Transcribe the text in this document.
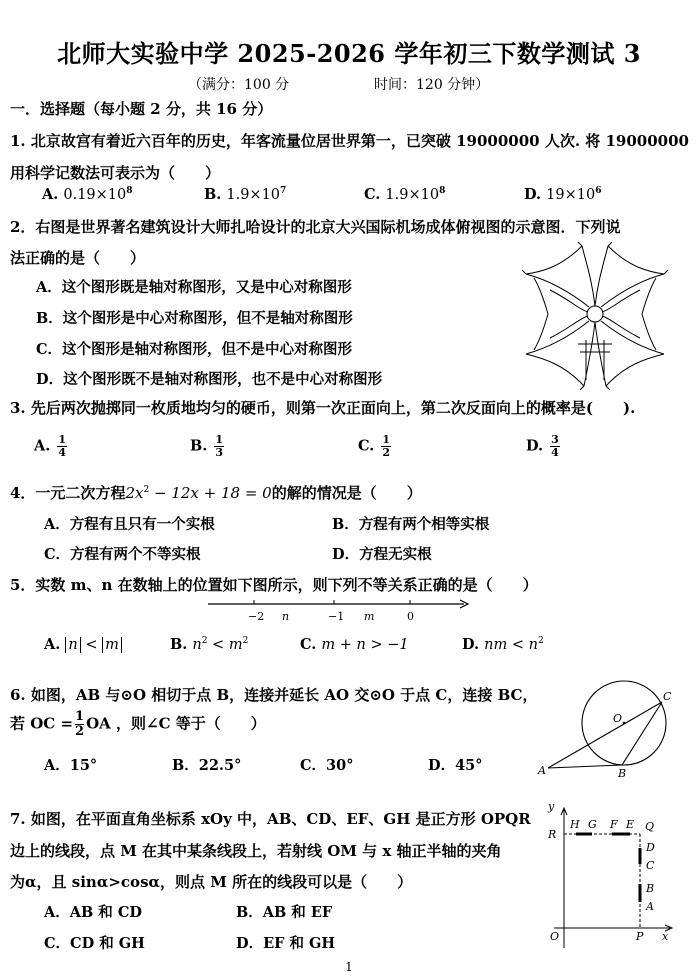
北师大实验中学 2025-2026 学年初三下数学测试 3
（满分：100 分	时间：120 分钟）
一．选择题（每小题 2 分，共 16 分）
1. 北京故宫有着近六百年的历史，年客流量位居世界第一，已突破 19000000 人次. 将 19000000
用科学记数法可表示为（　　）
A. $0.19\times 10^8$	B. $1.9\times 10^7$	C. $1.9\times 10^8$	D. $19\times 10^6$
2．右图是世界著名建筑设计大师扎哈设计的北京大兴国际机场成体俯视图的示意图．下列说
法正确的是（　　）
A．这个图形既是轴对称图形，又是中心对称图形
B．这个图形是中心对称图形，但不是轴对称图形
C．这个图形是轴对称图形，但不是中心对称图形
D．这个图形既不是轴对称图形，也不是中心对称图形
3. 先后两次抛掷同一枚质地均匀的硬币，则第一次正面向上，第二次反面向上的概率是(　　).
A. $\frac{1}{4}$	B. $\frac{1}{3}$	C. $\frac{1}{2}$	D. $\frac{3}{4}$
4．一元二次方程$2x^2 - 12x + 18 = 0$的解的情况是（　　）
A．方程有且只有一个实根	B．方程有两个相等实根
C．方程有两个不等实根	D．方程无实根
5．实数 m、n 在数轴上的位置如下图所示，则下列不等关系正确的是（　　）
−2 n	−1 m	0
A. n < m	B. $n^2 < m^2$	C. m + n > −1	D. nm < $n^2$
6. 如图，AB 与⊙O 相切于点 B，连接并延长 AO 交⊙O 于点 C，连接 BC，
若 OC = $\frac{1}{2}$ OA ，则∠C 等于（　　）
A．15°	B．22.5°	C．30°	D．45°
O
C
A	B
7. 如图，在平面直角坐标系 xOy 中，AB、CD、EF、GH 是正方形 OPQR
边上的线段，点 M 在其中某条线段上，若射线 OM 与 x 轴正半轴的夹角
为α，且 sinα>cosα，则点 M 所在的线段可以是（　　）
A．AB 和 CD	B．AB 和 EF
C．CD 和 GH	D．EF 和 GH
y
x
O	P
Q
R
H G F E
D
C
B
A
1
